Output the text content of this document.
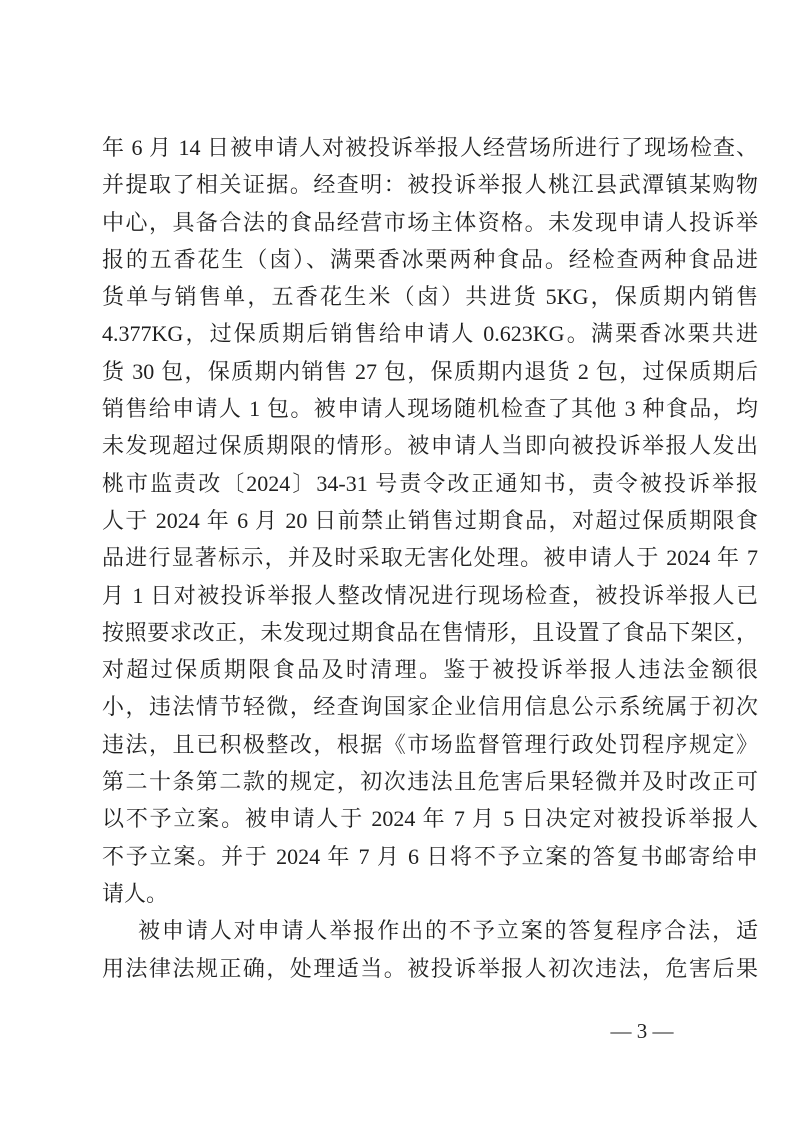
年 6 月 14 日被申请人对被投诉举报人经营场所进行了现场检查、
并提取了相关证据。经查明：被投诉举报人桃江县武潭镇某购物
中心，具备合法的食品经营市场主体资格。未发现申请人投诉举
报的五香花生（卤）、满栗香冰栗两种食品。经检查两种食品进
货单与销售单，五香花生米（卤）共进货 5KG，保质期内销售
4.377KG，过保质期后销售给申请人 0.623KG。满栗香冰栗共进
货 30 包，保质期内销售 27 包，保质期内退货 2 包，过保质期后
销售给申请人 1 包。被申请人现场随机检查了其他 3 种食品，均
未发现超过保质期限的情形。被申请人当即向被投诉举报人发出
桃市监责改〔2024〕34-31 号责令改正通知书，责令被投诉举报
人于 2024 年 6 月 20 日前禁止销售过期食品，对超过保质期限食
品进行显著标示，并及时采取无害化处理。被申请人于 2024 年 7
月 1 日对被投诉举报人整改情况进行现场检查，被投诉举报人已
按照要求改正，未发现过期食品在售情形，且设置了食品下架区，
对超过保质期限食品及时清理。鉴于被投诉举报人违法金额很
小，违法情节轻微，经查询国家企业信用信息公示系统属于初次
违法，且已积极整改，根据《市场监督管理行政处罚程序规定》
第二十条第二款的规定，初次违法且危害后果轻微并及时改正可
以不予立案。被申请人于 2024 年 7 月 5 日决定对被投诉举报人
不予立案。并于 2024 年 7 月 6 日将不予立案的答复书邮寄给申
请人。
被申请人对申请人举报作出的不予立案的答复程序合法，适
用法律法规正确，处理适当。被投诉举报人初次违法，危害后果
— 3 —
